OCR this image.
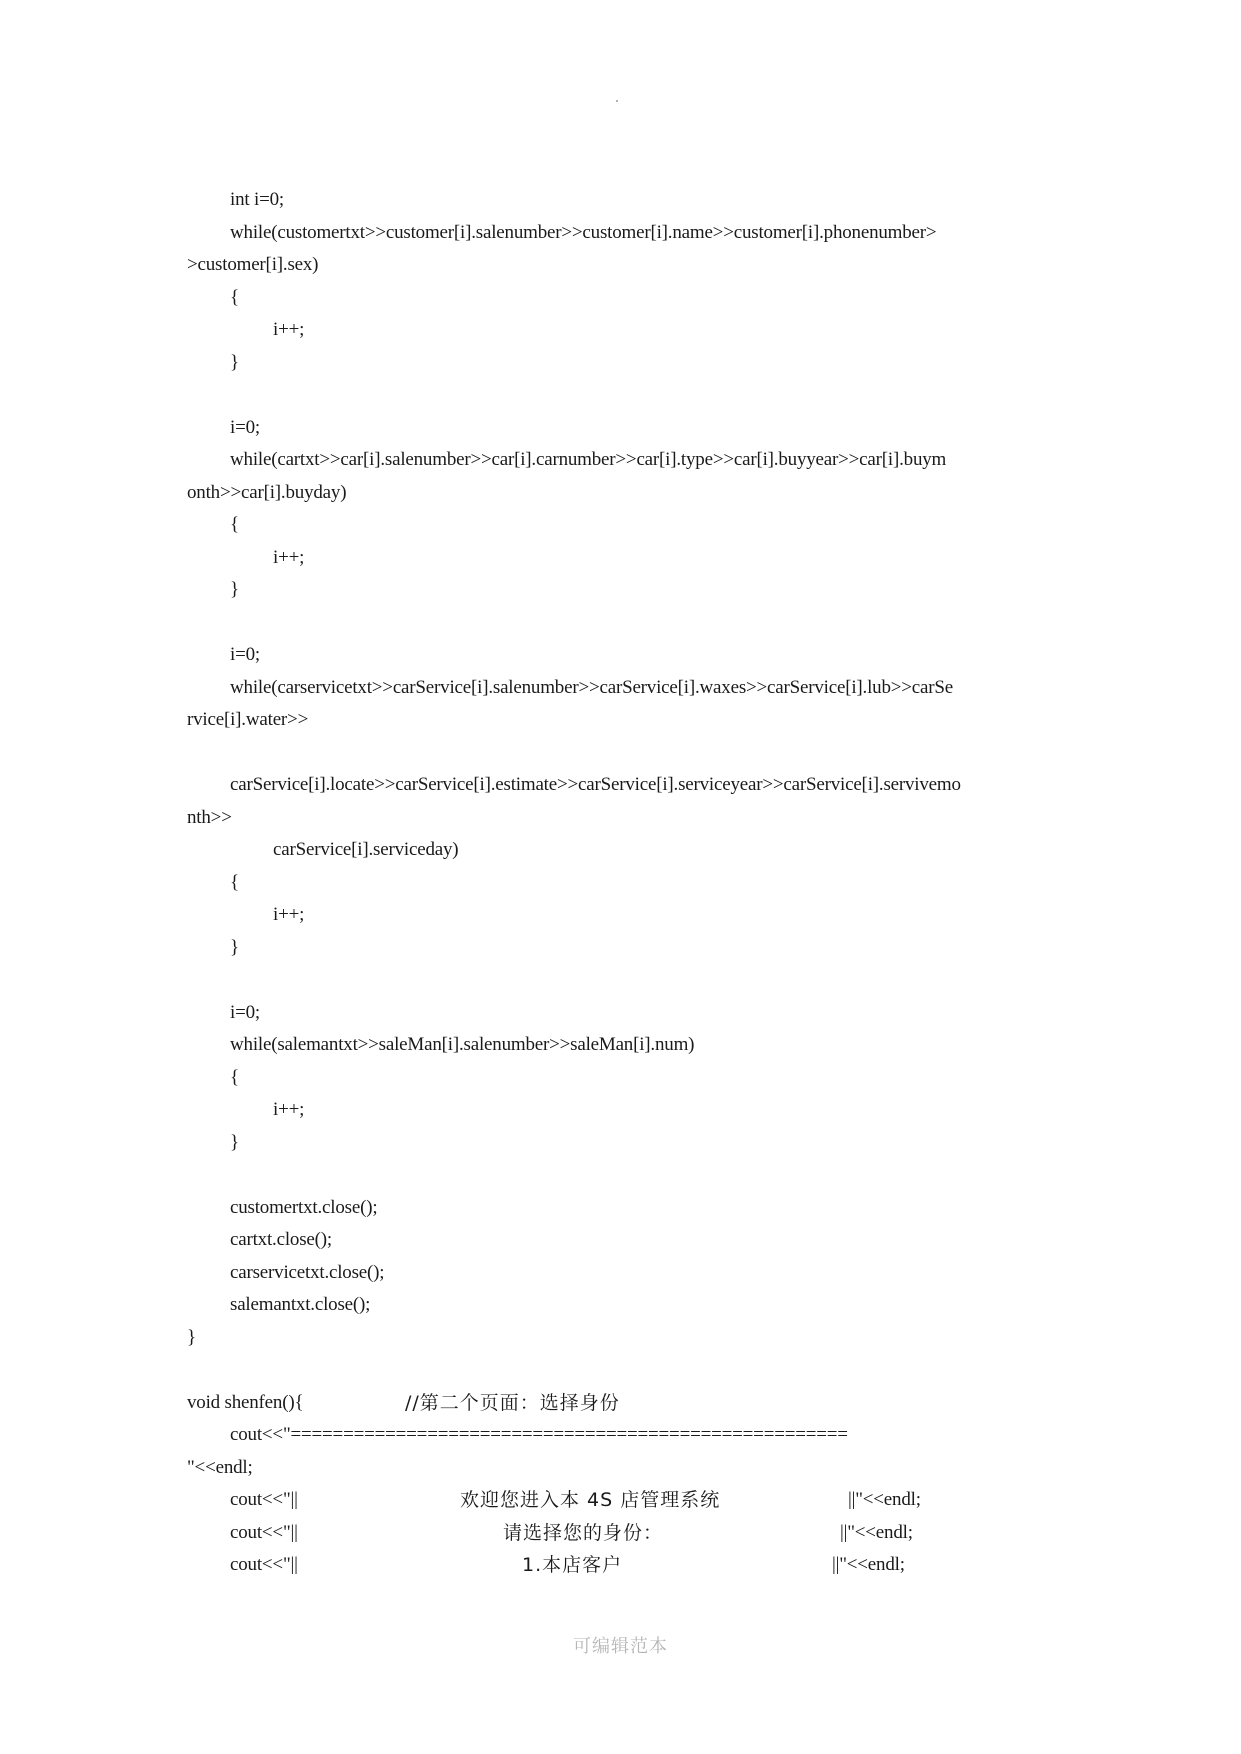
int i=0;
while(customertxt>>customer[i].salenumber>>customer[i].name>>customer[i].phonenumber>
>customer[i].sex)
{
i++;
}
i=0;
while(cartxt>>car[i].salenumber>>car[i].carnumber>>car[i].type>>car[i].buyyear>>car[i].buym
onth>>car[i].buyday)
{
i++;
}
i=0;
while(carservicetxt>>carService[i].salenumber>>carService[i].waxes>>carService[i].lub>>carSe
rvice[i].water>>
carService[i].locate>>carService[i].estimate>>carService[i].serviceyear>>carService[i].servivemo
nth>>
carService[i].serviceday)
{
i++;
}
i=0;
while(salemantxt>>saleMan[i].salenumber>>saleMan[i].num)
{
i++;
}
customertxt.close();
cartxt.close();
carservicetxt.close();
salemantxt.close();
}
void shenfen(){	//第二个页面：选择身份
cout<<"=====================================================
"<<endl;
cout<<"||	欢迎您进入本 4S 店管理系统	||"<<endl;
cout<<"||	请选择您的身份：	||"<<endl;
cout<<"||	1.本店客户	||"<<endl;
可编辑范本
